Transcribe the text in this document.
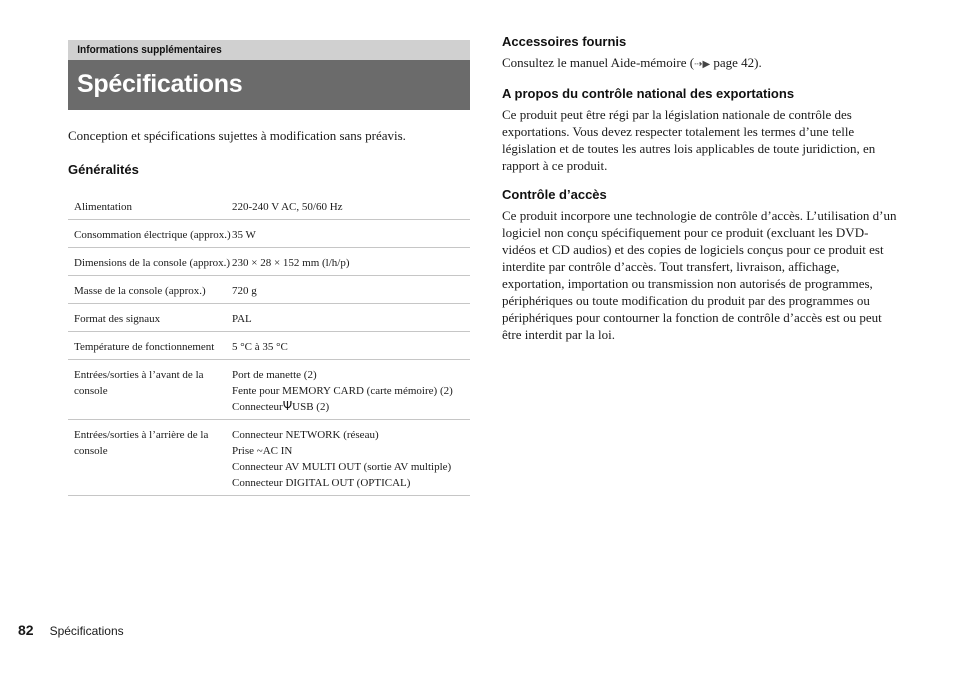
Informations supplémentaires
Spécifications
Conception et spécifications sujettes à modification sans préavis.
Généralités
Alimentation	220-240 V AC, 50/60 Hz

Consommation électrique (approx.)	35 W

Dimensions de la console (approx.)	230 × 28 × 152 mm (l/h/p)

Masse de la console (approx.)	720 g

Format des signaux	PAL

Température de fonctionnement	5 °C à 35 °C

Entrées/sorties à l’avant de la console	Port de manette (2)
Fente pour MEMORY CARD (carte mémoire) (2)
ConnecteurΨUSB (2)

Entrées/sorties à l’arrière de la console	Connecteur NETWORK (réseau)
Prise ~AC IN
Connecteur AV MULTI OUT (sortie AV multiple)
Connecteur DIGITAL OUT (OPTICAL)
Accessoires fournis

Consultez le manuel Aide-mémoire (⇢▶ page 42).

A propos du contrôle national des exportations

Ce produit peut être régi par la législation nationale de contrôle des exportations. Vous devez respecter totalement les termes d’une telle législation et de toutes les autres lois applicables de toute juridiction, en rapport à ce produit.

Contrôle d’accès

Ce produit incorpore une technologie de contrôle d’accès. L’utilisation d’un logiciel non conçu spécifiquement pour ce produit (excluant les DVD-vidéos et CD audios) et des copies de logiciels conçus pour ce produit est interdite par contrôle d’accès. Tout transfert, livraison, affichage, exportation, importation ou transmission non autorisés de programmes, périphériques ou toute modification du produit par des programmes ou périphériques pour contourner la fonction de contrôle d’accès est ou peut être interdit par la loi.

82 Spécifications
